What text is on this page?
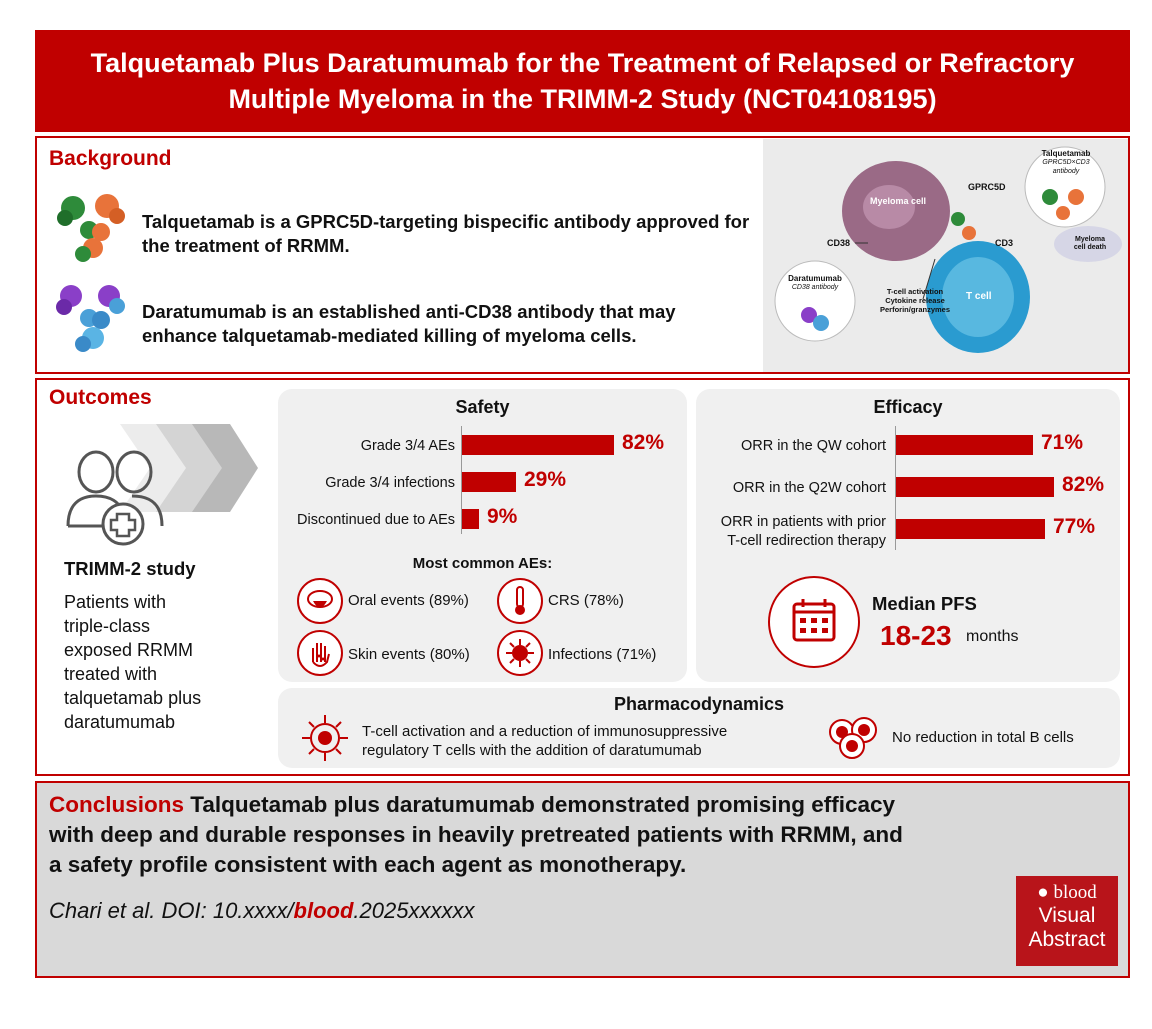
Talquetamab Plus Daratumumab for the Treatment of Relapsed or Refractory Multiple Myeloma in the TRIMM-2 Study (NCT04108195)
Background
Talquetamab is a GPRC5D-targeting bispecific antibody approved for the treatment of RRMM.
Daratumumab is an established anti-CD38 antibody that may enhance talquetamab-mediated killing of myeloma cells.
Myeloma cell
GPRC5D
CD38	CD3
T cell
Myeloma cell death
T-cell activation
Cytokine release
Perforin/granzymes
Talquetamab
GPRC5D×CD3 antibody
Daratumumab
CD38 antibody
Outcomes
TRIMM-2 study
Patients with
triple-class
exposed RRMM
treated with
talquetamab plus
daratumumab
Safety
Grade 3/4 AEs	82%
Grade 3/4 infections	29%
Discontinued due to AEs 9%
Most common AEs:
Oral events (89%)	CRS (78%)
Skin events (80%)	Infections (71%)
Efficacy
ORR in the QW cohort	71%
ORR in the Q2W cohort	82%
ORR in patients with prior
T-cell redirection therapy
77%
Median PFS
18-23 months
Pharmacodynamics
T-cell activation and a reduction of immunosuppressive
regulatory T cells with the addition of daratumumab
No reduction in total B cells
Conclusions Talquetamab plus daratumumab demonstrated promising efficacy
with deep and durable responses in heavily pretreated patients with RRMM, and
a safety profile consistent with each agent as monotherapy.
Chari et al. DOI: 10.xxxx/blood.2025xxxxxx
● blood
Visual
Abstract
